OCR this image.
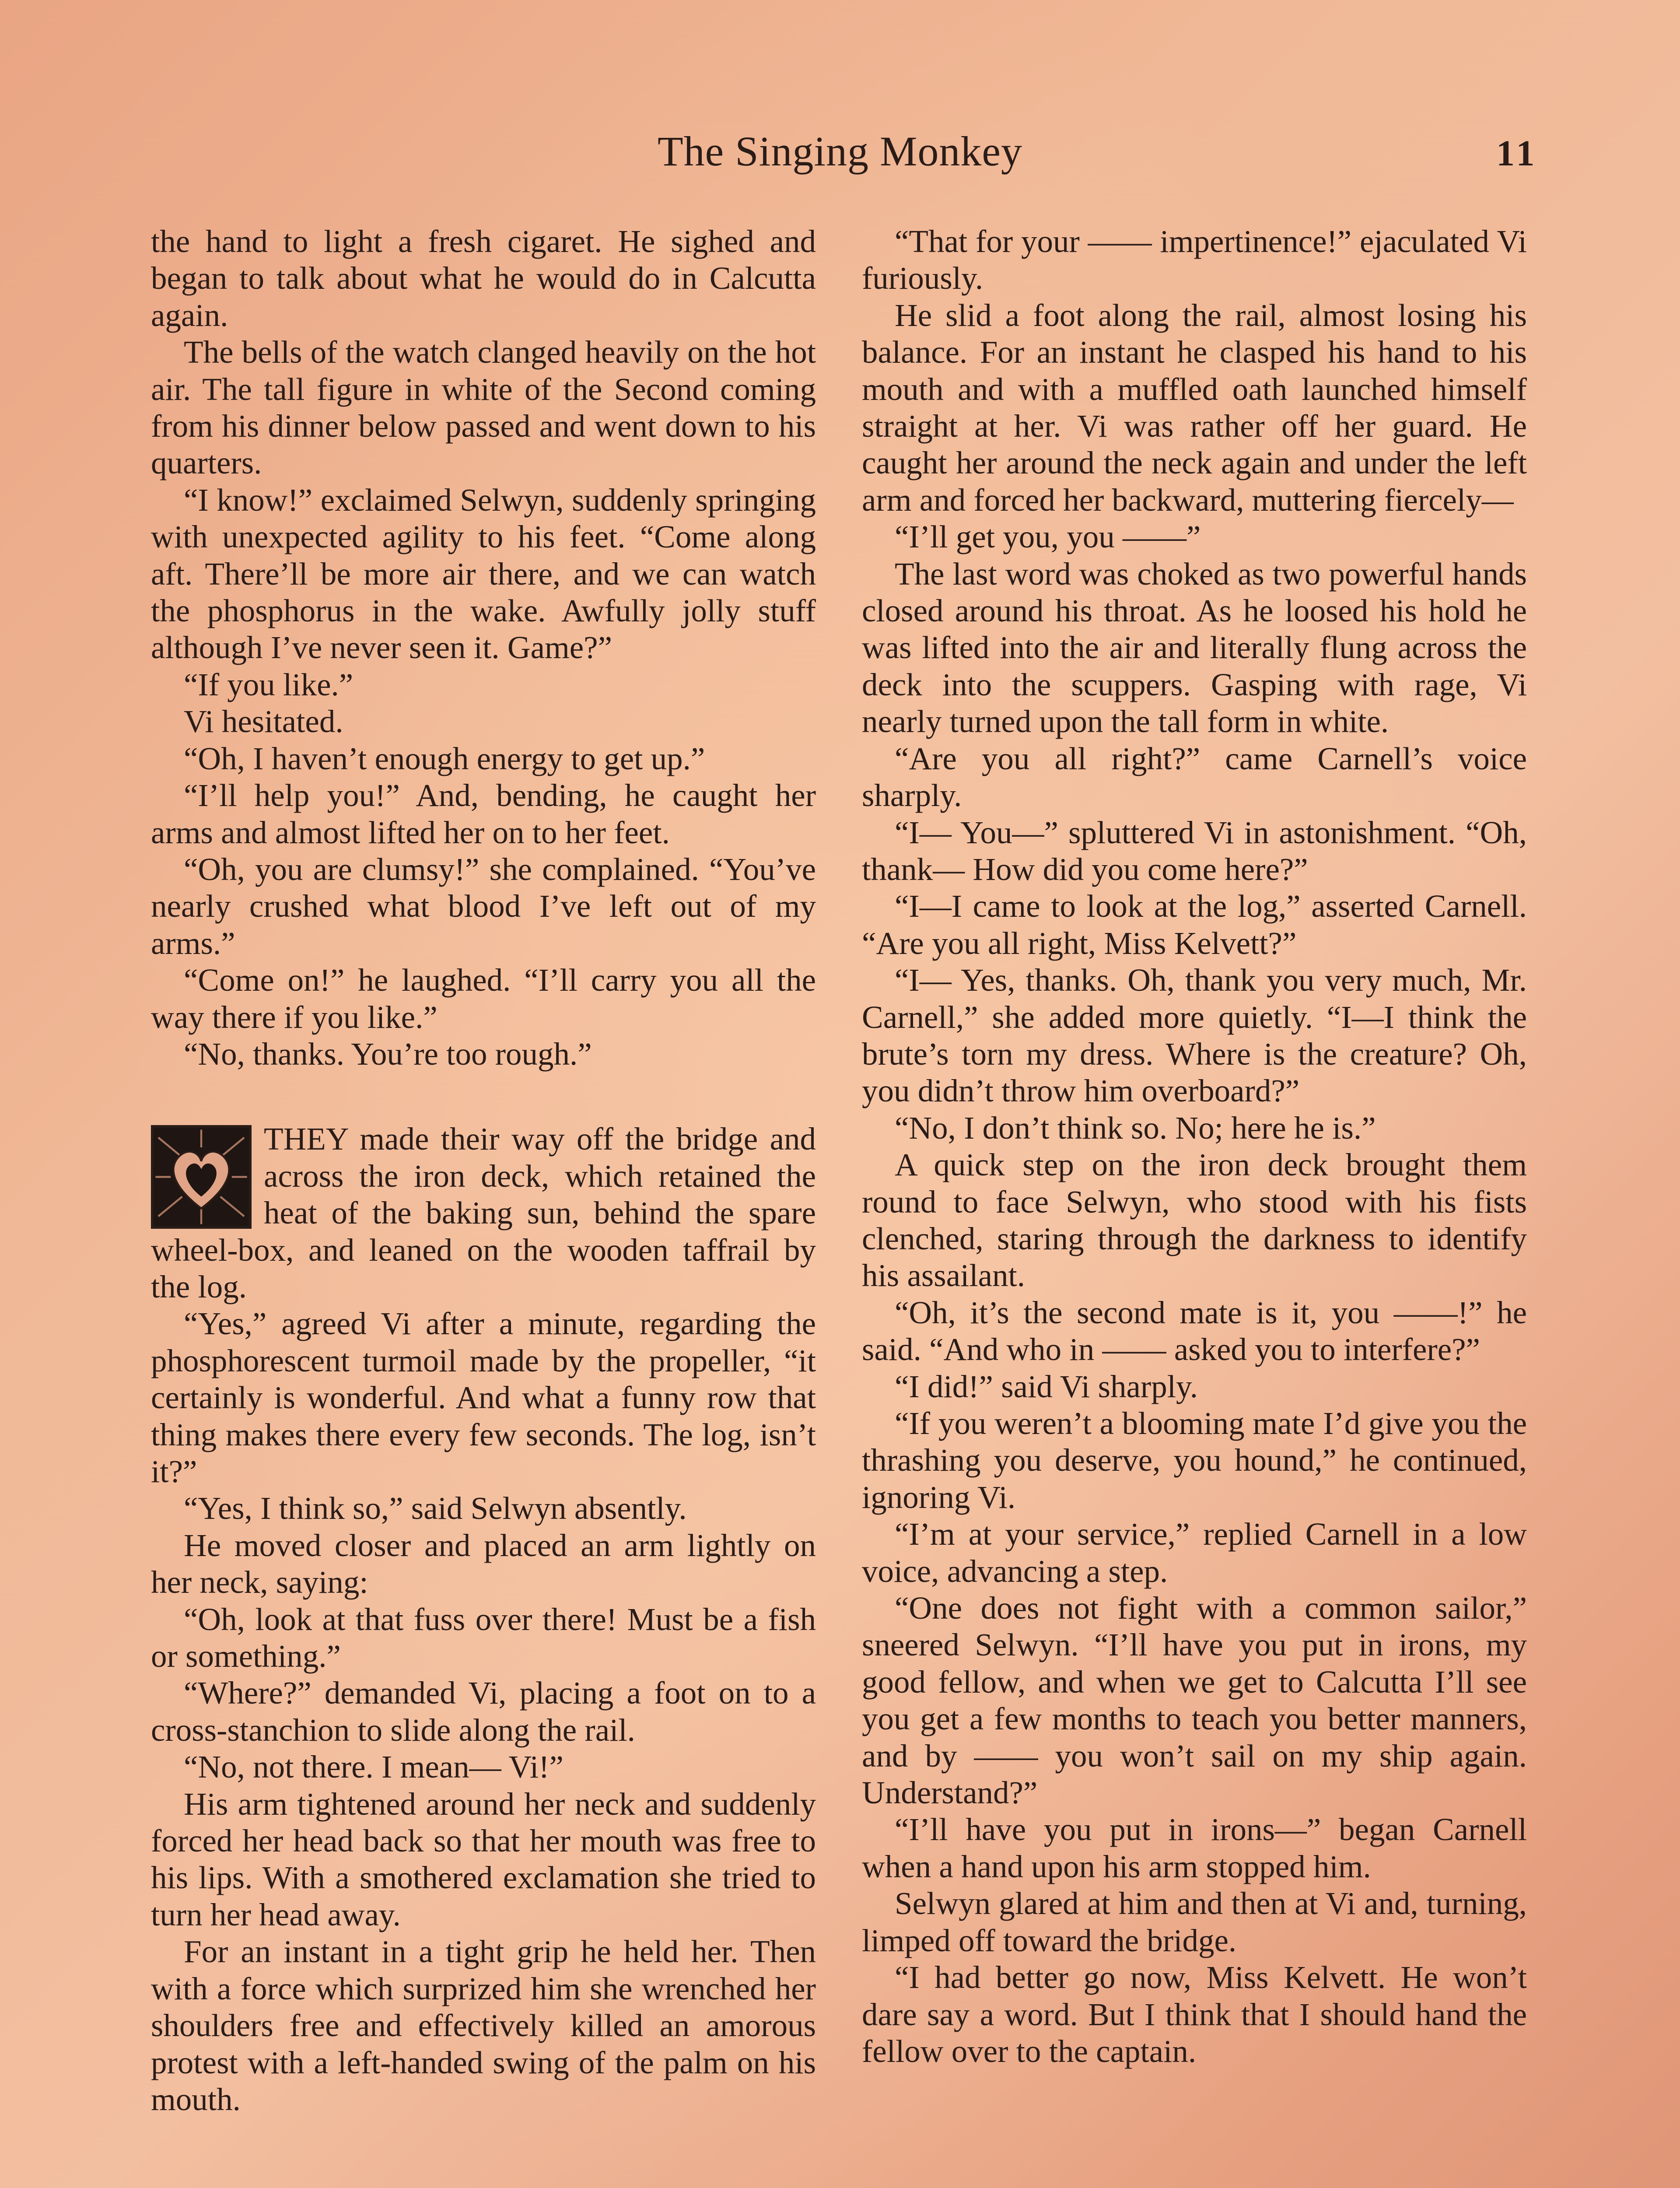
The Singing Monkey	11

the hand to light a fresh cigaret. He sighed and began to talk about what he would do in Calcutta again.

The bells of the watch clanged heavily on the hot air. The tall figure in white of the Second coming from his dinner below passed and went down to his quarters.

“I know!” exclaimed Selwyn, suddenly springing with unexpected agility to his feet. “Come along aft. There’ll be more air there, and we can watch the phosphorus in the wake. Awfully jolly stuff although I’ve never seen it. Game?”

“If you like.”

Vi hesitated.

“Oh, I haven’t enough energy to get up.”

“I’ll help you!” And, bending, he caught her arms and almost lifted her on to her feet.

“Oh, you are clumsy!” she complained. “You’ve nearly crushed what blood I’ve left out of my arms.”

“Come on!” he laughed. “I’ll carry you all the way there if you like.”

“No, thanks. You’re too rough.”

THEY made their way off the bridge and across the iron deck, which retained the heat of the baking sun, behind the spare wheel-box, and leaned on the wooden taffrail by the log.

“Yes,” agreed Vi after a minute, regarding the phosphorescent turmoil made by the propeller, “it certainly is wonderful. And what a funny row that thing makes there every few seconds. The log, isn’t it?”

“Yes, I think so,” said Selwyn absently.

He moved closer and placed an arm lightly on her neck, saying:

“Oh, look at that fuss over there! Must be a fish or something.”

“Where?” demanded Vi, placing a foot on to a cross-stanchion to slide along the rail.

“No, not there. I mean— Vi!”

His arm tightened around her neck and suddenly forced her head back so that her mouth was free to his lips. With a smothered exclamation she tried to turn her head away.

For an instant in a tight grip he held her. Then with a force which surprized him she wrenched her shoulders free and effectively killed an amorous protest with a left-handed swing of the palm on his mouth.

“That for your —— impertinence!” ejaculated Vi furiously.

He slid a foot along the rail, almost losing his balance. For an instant he clasped his hand to his mouth and with a muffled oath launched himself straight at her. Vi was rather off her guard. He caught her around the neck again and under the left arm and forced her backward, muttering fiercely—

“I’ll get you, you ——”

The last word was choked as two powerful hands closed around his throat. As he loosed his hold he was lifted into the air and literally flung across the deck into the scuppers. Gasping with rage, Vi nearly turned upon the tall form in white.

“Are you all right?” came Carnell’s voice sharply.

“I— You—” spluttered Vi in astonishment. “Oh, thank— How did you come here?”

“I—I came to look at the log,” asserted Carnell. “Are you all right, Miss Kelvett?”

“I— Yes, thanks. Oh, thank you very much, Mr. Carnell,” she added more quietly. “I—I think the brute’s torn my dress. Where is the creature? Oh, you didn’t throw him overboard?”

“No, I don’t think so. No; here he is.”

A quick step on the iron deck brought them round to face Selwyn, who stood with his fists clenched, staring through the darkness to identify his assailant.

“Oh, it’s the second mate is it, you ——!” he said. “And who in —— asked you to interfere?”

“I did!” said Vi sharply.

“If you weren’t a blooming mate I’d give you the thrashing you deserve, you hound,” he continued, ignoring Vi.

“I’m at your service,” replied Carnell in a low voice, advancing a step.

“One does not fight with a common sailor,” sneered Selwyn. “I’ll have you put in irons, my good fellow, and when we get to Calcutta I’ll see you get a few months to teach you better manners, and by —— you won’t sail on my ship again. Understand?”

“I’ll have you put in irons—” began Carnell when a hand upon his arm stopped him.

Selwyn glared at him and then at Vi and, turning, limped off toward the bridge.

“I had better go now, Miss Kelvett. He won’t dare say a word. But I think that I should hand the fellow over to the captain.
